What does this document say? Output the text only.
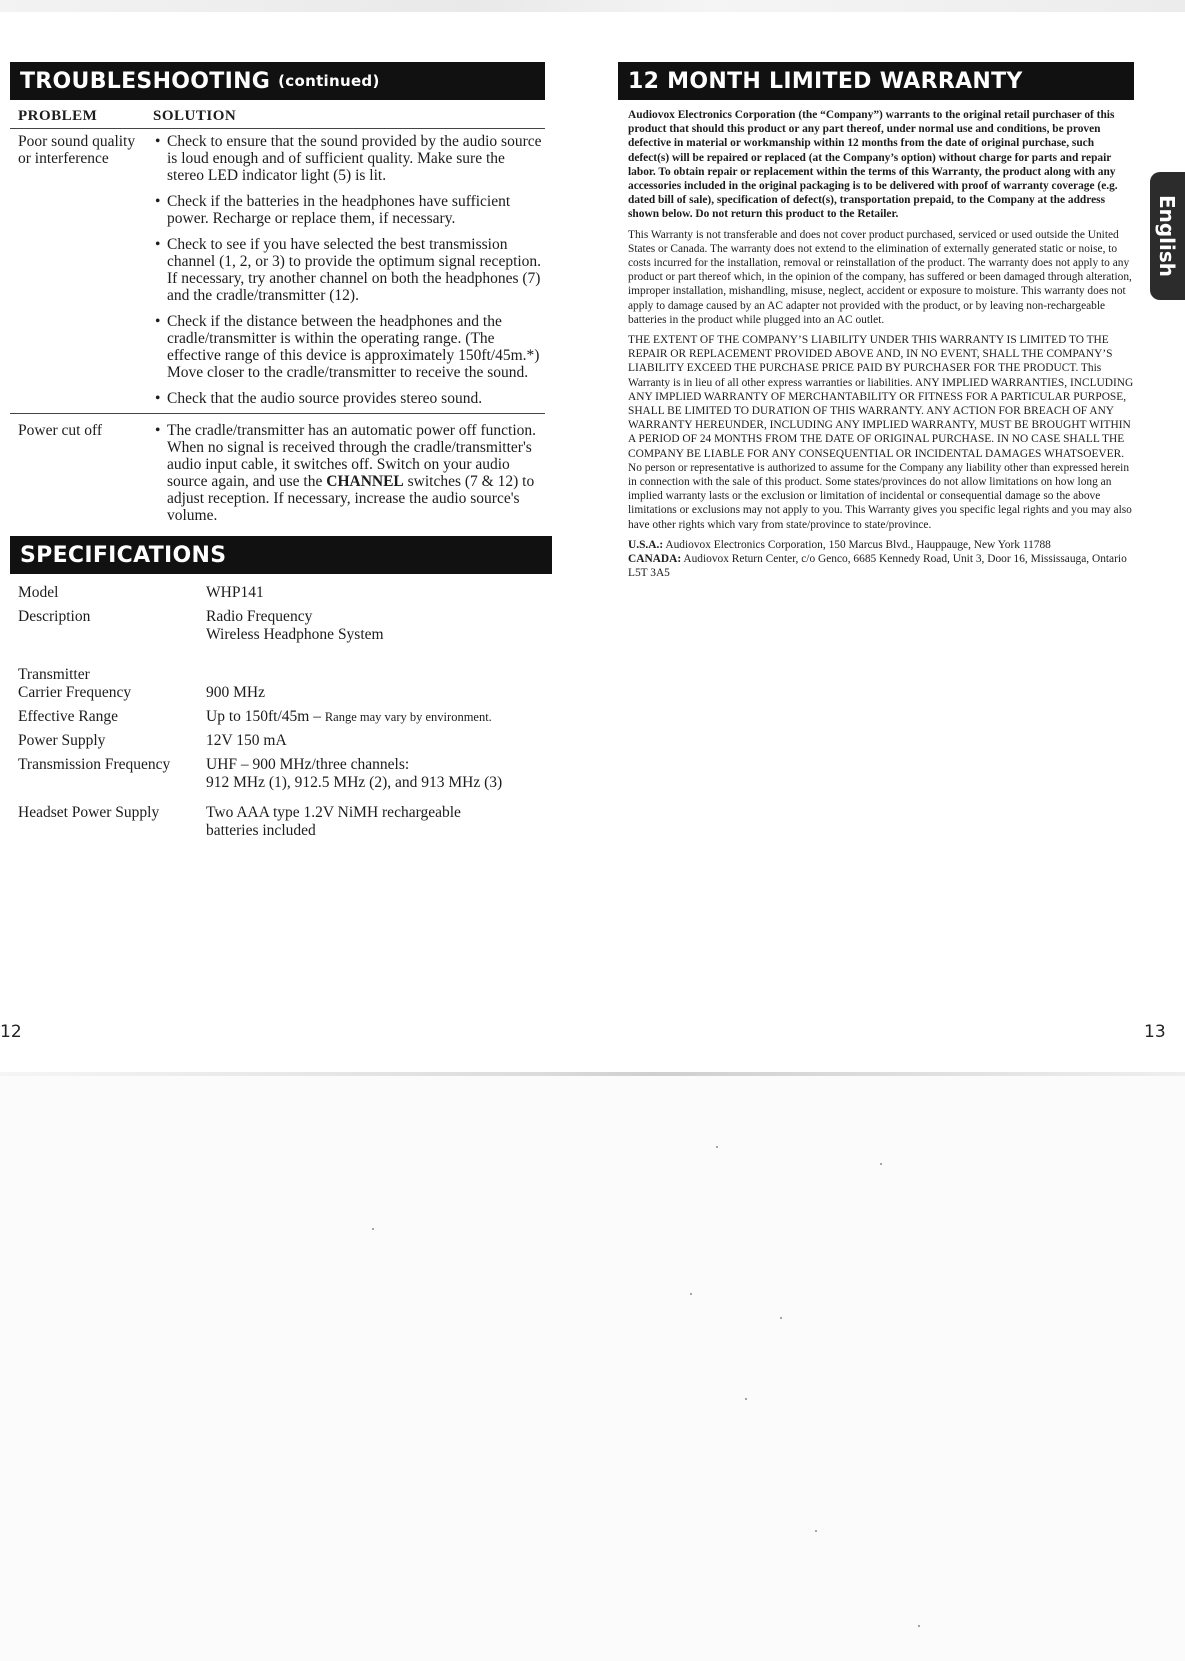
TROUBLESHOOTING (continued)
PROBLEM	SOLUTION
Poor sound quality or interference
• Check to ensure that the sound provided by the audio source is loud enough and of sufficient quality. Make sure the stereo LED indicator light (5) is lit.
• Check if the batteries in the headphones have sufficient power. Recharge or replace them, if necessary.
• Check to see if you have selected the best transmission channel (1, 2, or 3) to provide the optimum signal reception. If necessary, try another channel on both the headphones (7) and the cradle/transmitter (12).
• Check if the distance between the headphones and the cradle/transmitter is within the operating range. (The effective range of this device is approximately 150ft/45m.*) Move closer to the cradle/transmitter to receive the sound.
• Check that the audio source provides stereo sound.
Power cut off
•	The cradle/transmitter has an automatic power off function. When no signal is received through the cradle/transmitter's audio input cable, it switches off. Switch on your audio source again, and use the CHANNEL switches (7 & 12) to adjust reception. If necessary, increase the audio source's volume.
SPECIFICATIONS
Model	WHP141
Description	Radio Frequency
Wireless Headphone System
Transmitter
Carrier Frequency	900 MHz
Effective Range	Up to 150ft/45m – Range may vary by environment.
Power Supply	12V 150 mA
Transmission Frequency	UHF – 900 MHz/three channels:
912 MHz (1), 912.5 MHz (2), and 913 MHz (3)
Headset Power Supply	Two AAA type 1.2V NiMH rechargeable
batteries included
12 MONTH LIMITED WARRANTY

Audiovox Electronics Corporation (the “Company”) warrants to the original retail purchaser of this product that should this product or any part thereof, under normal use and conditions, be proven defective in material or workmanship within 12 months from the date of original purchase, such defect(s) will be repaired or replaced (at the Company’s option) without charge for parts and repair labor. To obtain repair or replacement within the terms of this Warranty, the product along with any accessories included in the original packaging is to be delivered with proof of warranty coverage (e.g. dated bill of sale), specification of defect(s), transportation prepaid, to the Company at the address shown below. Do not return this product to the Retailer.

This Warranty is not transferable and does not cover product purchased, serviced or used outside the United States or Canada. The warranty does not extend to the elimination of externally generated static or noise, to costs incurred for the installation, removal or reinstallation of the product. The warranty does not apply to any product or part thereof which, in the opinion of the company, has suffered or been damaged through alteration, improper installation, mishandling, misuse, neglect, accident or exposure to moisture. This warranty does not apply to damage caused by an AC adapter not provided with the product, or by leaving non-rechargeable batteries in the product while plugged into an AC outlet.

THE EXTENT OF THE COMPANY’S LIABILITY UNDER THIS WARRANTY IS LIMITED TO THE REPAIR OR REPLACEMENT PROVIDED ABOVE AND, IN NO EVENT, SHALL THE COMPANY’S LIABILITY EXCEED THE PURCHASE PRICE PAID BY PURCHASER FOR THE PRODUCT. This Warranty is in lieu of all other express warranties or liabilities. ANY IMPLIED WARRANTIES, INCLUDING ANY IMPLIED WARRANTY OF MERCHANTABILITY OR FITNESS FOR A PARTICULAR PURPOSE, SHALL BE LIMITED TO DURATION OF THIS WARRANTY. ANY ACTION FOR BREACH OF ANY WARRANTY HEREUNDER, INCLUDING ANY IMPLIED WARRANTY, MUST BE BROUGHT WITHIN A PERIOD OF 24 MONTHS FROM THE DATE OF ORIGINAL PURCHASE. IN NO CASE SHALL THE COMPANY BE LIABLE FOR ANY CONSEQUENTIAL OR INCIDENTAL DAMAGES WHATSOEVER. No person or representative is authorized to assume for the Company any liability other than expressed herein in connection with the sale of this product. Some states/provinces do not allow limitations on how long an implied warranty lasts or the exclusion or limitation of incidental or consequential damage so the above limitations or exclusions may not apply to you. This Warranty gives you specific legal rights and you may also have other rights which vary from state/province to state/province.

U.S.A.: Audiovox Electronics Corporation, 150 Marcus Blvd., Hauppauge, New York 11788
CANADA: Audiovox Return Center, c/o Genco, 6685 Kennedy Road, Unit 3, Door 16, Mississauga, Ontario L5T 3A5

English
12	13
